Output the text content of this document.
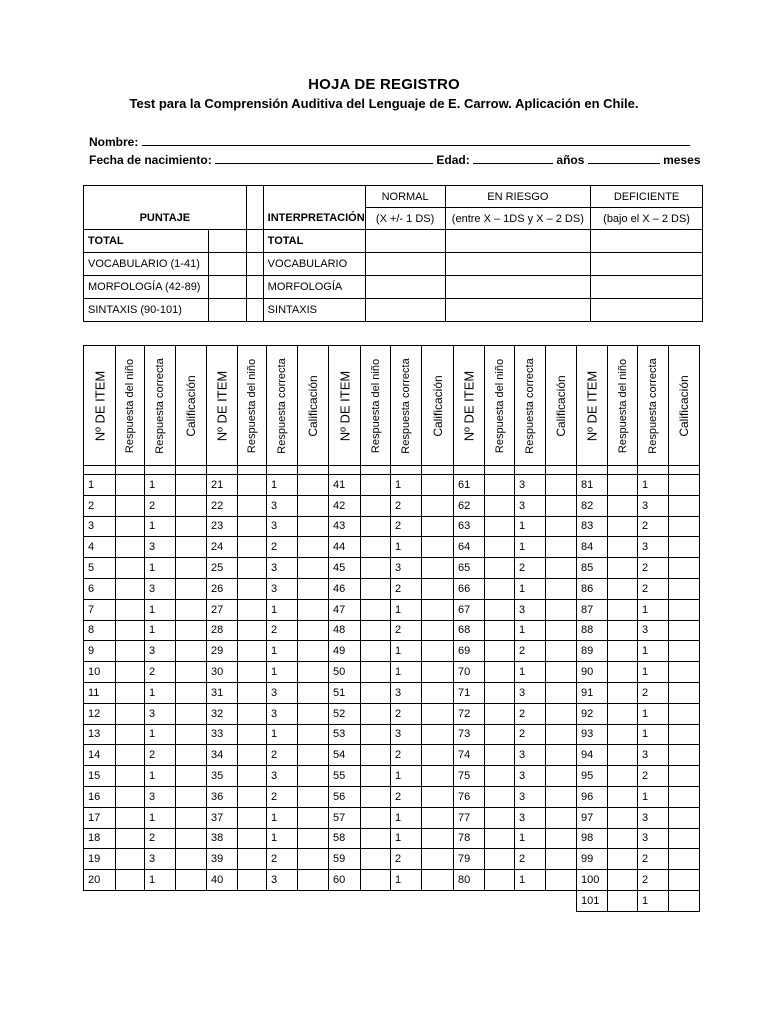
HOJA DE REGISTRO
Test para la Comprensión Auditiva del Lenguaje de E. Carrow. Aplicación en Chile.
Nombre:
Fecha de nacimiento:	Edad:	años	meses
PUNTAJE			INTERPRETACIÓN	NORMAL	EN RIESGO	DEFICIENTE
				(X +/- 1 DS)	(entre X – 1DS y X – 2 DS)	(bajo el X – 2 DS)
TOTAL			TOTAL			
VOCABULARIO (1-41)			VOCABULARIO			
MORFOLOGÍA (42-89)			MORFOLOGÍA			
SINTAXIS (90-101)			SINTAXIS			
Nº DE ITEM	Respuesta del niño	Respuesta correcta	Calificación	Nº DE ITEM	Respuesta del niño	Respuesta correcta	Calificación	Nº DE ITEM	Respuesta del niño	Respuesta correcta	Calificación	Nº DE ITEM	Respuesta del niño	Respuesta correcta	Calificación	Nº DE ITEM	Respuesta del niño	Respuesta correcta	Calificación

1		1		21		1		41		1		61		3		81		1	
2		2		22		3		42		2		62		3		82		3	
3		1		23		3		43		2		63		1		83		2	
4		3		24		2		44		1		64		1		84		3	
5		1		25		3		45		3		65		2		85		2	
6		3		26		3		46		2		66		1		86		2	
7		1		27		1		47		1		67		3		87		1	
8		1		28		2		48		2		68		1		88		3	
9		3		29		1		49		1		69		2		89		1	
10		2		30		1		50		1		70		1		90		1	
11		1		31		3		51		3		71		3		91		2	
12		3		32		3		52		2		72		2		92		1	
13		1		33		1		53		3		73		2		93		1	
14		2		34		2		54		2		74		3		94		3	
15		1		35		3		55		1		75		3		95		2	
16		3		36		2		56		2		76		3		96		1	
17		1		37		1		57		1		77		3		97		3	
18		2		38		1		58		1		78		1		98		3	
19		3		39		2		59		2		79		2		99		2	
20		1		40		3		60		1		80		1		100		2	
																101		1	
